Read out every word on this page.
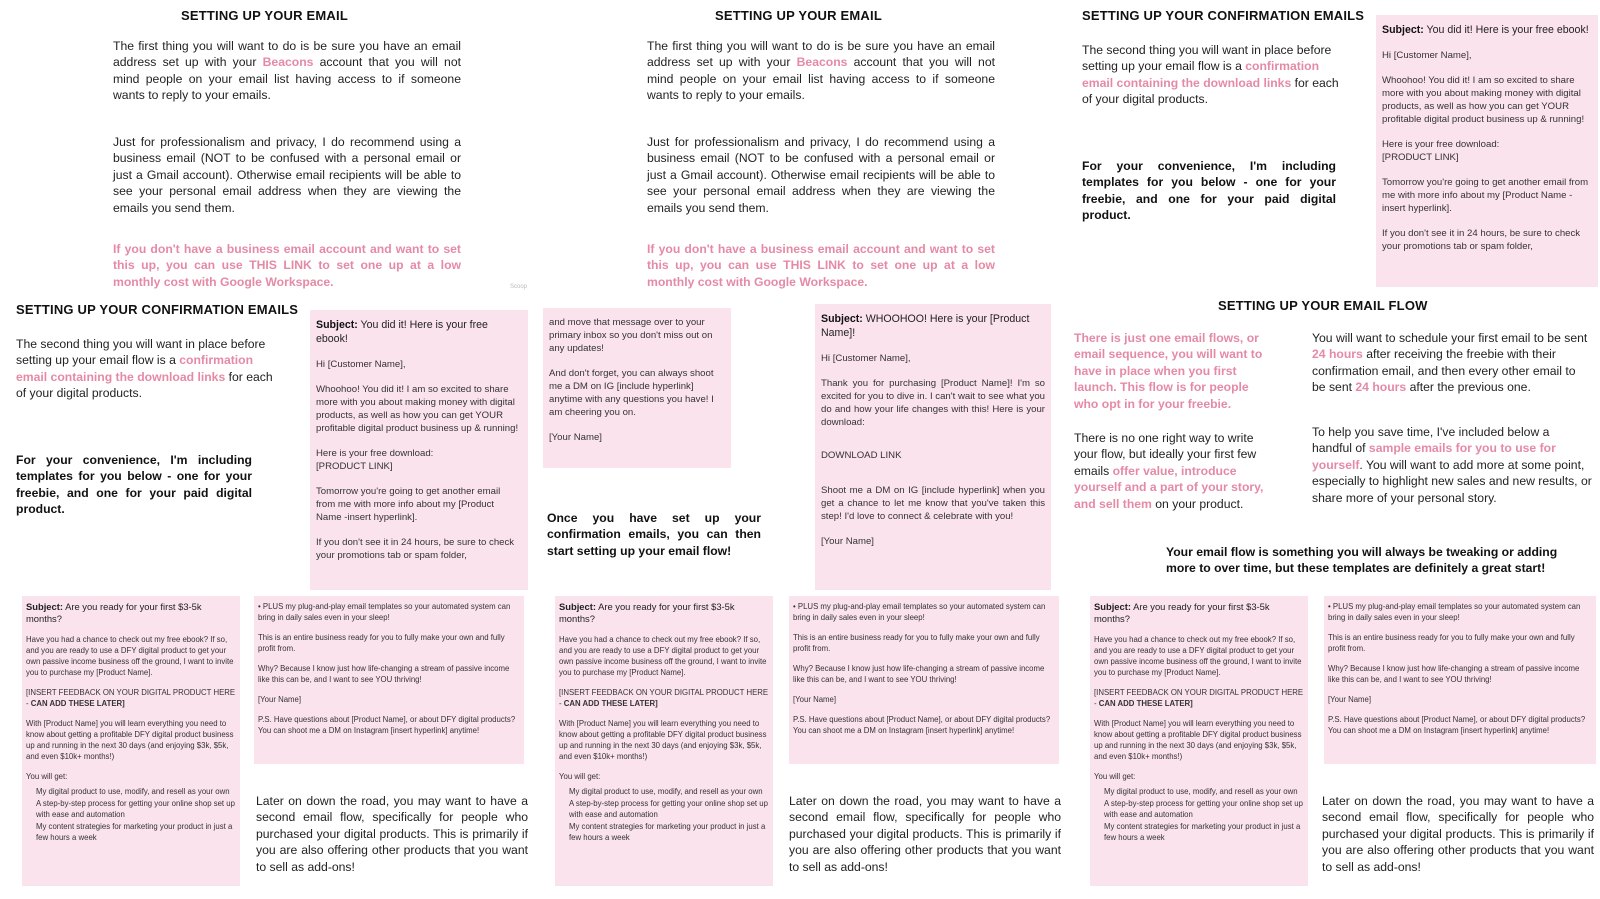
SETTING UP YOUR EMAIL
The first thing you will want to do is be sure you have an email address set up with your Beacons account that you will not mind people on your email list having access to if someone wants to reply to your emails.
Just for professionalism and privacy, I do recommend using a business email (NOT to be confused with a personal email or just a Gmail account). Otherwise email recipients will be able to see your personal email address when they are viewing the emails you send them.
If you don't have a business email account and want to set this up, you can use THIS LINK to set one up at a low monthly cost with Google Workspace.	Scoop
SETTING UP YOUR EMAIL
The first thing you will want to do is be sure you have an email address set up with your Beacons account that you will not mind people on your email list having access to if someone wants to reply to your emails.
Just for professionalism and privacy, I do recommend using a business email (NOT to be confused with a personal email or just a Gmail account). Otherwise email recipients will be able to see your personal email address when they are viewing the emails you send them.
If you don't have a business email account and want to set this up, you can use THIS LINK to set one up at a low monthly cost with Google Workspace.
SETTING UP YOUR CONFIRMATION EMAILS
The second thing you will want in place before setting up your email flow is a confirmation email containing the download links for each of your digital products.
For your convenience, I'm including templates for you below - one for your freebie, and one for your paid digital product.

Subject: You did it! Here is your free ebook!

Hi [Customer Name],

Whoohoo! You did it! I am so excited to share more with you about making money with digital products, as well as how you can get YOUR profitable digital product business up & running!

Here is your free download:
[PRODUCT LINK]

Tomorrow you're going to get another email from me with more info about my [Product Name -insert hyperlink].

If you don't see it in 24 hours, be sure to check your promotions tab or spam folder,

SETTING UP YOUR CONFIRMATION EMAILS
The second thing you will want in place before setting up your email flow is a confirmation email containing the download links for each of your digital products.
For your convenience, I'm including templates for you below - one for your freebie, and one for your paid digital product.

Subject: You did it! Here is your free ebook!

Hi [Customer Name],

Whoohoo! You did it! I am so excited to share more with you about making money with digital products, as well as how you can get YOUR profitable digital product business up & running!

Here is your free download:
[PRODUCT LINK]

Tomorrow you're going to get another email from me with more info about my [Product Name -insert hyperlink].

If you don't see it in 24 hours, be sure to check your promotions tab or spam folder,

and move that message over to your primary inbox so you don't miss out on any updates!

And don't forget, you can always shoot me a DM on IG [include hyperlink] anytime with any questions you have! I am cheering you on.

[Your Name]

Once you have set up your confirmation emails, you can then start setting up your email flow!

Subject: WHOOHOO! Here is your [Product Name]!

Hi [Customer Name],

Thank you for purchasing [Product Name]! I'm so excited for you to dive in. I can't wait to see what you do and how your life changes with this! Here is your download:

DOWNLOAD LINK

Shoot me a DM on IG [include hyperlink] when you get a chance to let me know that you've taken this step! I'd love to connect & celebrate with you!

[Your Name]

SETTING UP YOUR EMAIL FLOW
There is just one email flows, or email sequence, you will want to have in place when you first launch. This flow is for people who opt in for your freebie.
There is no one right way to write your flow, but ideally your first few emails offer value, introduce yourself and a part of your story, and sell them on your product.
You will want to schedule your first email to be sent 24 hours after receiving the freebie with their confirmation email, and then every other email to be sent 24 hours after the previous one.
To help you save time, I've included below a handful of sample emails for you to use for yourself. You will want to add more at some point, especially to highlight new sales and new results, or share more of your personal story.
Your email flow is something you will always be tweaking or adding more to over time, but these templates are definitely a great start!

Subject: Are you ready for your first $3-5k months?

Have you had a chance to check out my free ebook? If so, and you are ready to use a DFY digital product to get your own passive income business off the ground, I want to invite you to purchase my [Product Name].

[INSERT FEEDBACK ON YOUR DIGITAL PRODUCT HERE - CAN ADD THESE LATER]

With [Product Name] you will learn everything you need to know about getting a profitable DFY digital product business up and running in the next 30 days (and enjoying $3k, $5k, and even $10k+ months!)

You will get:

My digital product to use, modify, and resell as your own
A step-by-step process for getting your online shop set up with ease and automation
My content strategies for marketing your product in just a few hours a week

• PLUS my plug-and-play email templates so your automated system can bring in daily sales even in your sleep!

This is an entire business ready for you to fully make your own and fully profit from.

Why? Because I know just how life-changing a stream of passive income like this can be, and I want to see YOU thriving!

[Your Name]

P.S. Have questions about [Product Name], or about DFY digital products? You can shoot me a DM on Instagram [insert hyperlink] anytime!

Later on down the road, you may want to have a second email flow, specifically for people who purchased your digital products. This is primarily if you are also offering other products that you want to sell as add-ons!

Subject: Are you ready for your first $3-5k months?

Have you had a chance to check out my free ebook? If so, and you are ready to use a DFY digital product to get your own passive income business off the ground, I want to invite you to purchase my [Product Name].

[INSERT FEEDBACK ON YOUR DIGITAL PRODUCT HERE - CAN ADD THESE LATER]

With [Product Name] you will learn everything you need to know about getting a profitable DFY digital product business up and running in the next 30 days (and enjoying $3k, $5k, and even $10k+ months!)

You will get:

My digital product to use, modify, and resell as your own
A step-by-step process for getting your online shop set up with ease and automation
My content strategies for marketing your product in just a few hours a week

• PLUS my plug-and-play email templates so your automated system can bring in daily sales even in your sleep!

This is an entire business ready for you to fully make your own and fully profit from.

Why? Because I know just how life-changing a stream of passive income like this can be, and I want to see YOU thriving!

[Your Name]

P.S. Have questions about [Product Name], or about DFY digital products? You can shoot me a DM on Instagram [insert hyperlink] anytime!

Later on down the road, you may want to have a second email flow, specifically for people who purchased your digital products. This is primarily if you are also offering other products that you want to sell as add-ons!

Subject: Are you ready for your first $3-5k months?

Have you had a chance to check out my free ebook? If so, and you are ready to use a DFY digital product to get your own passive income business off the ground, I want to invite you to purchase my [Product Name].

[INSERT FEEDBACK ON YOUR DIGITAL PRODUCT HERE - CAN ADD THESE LATER]

With [Product Name] you will learn everything you need to know about getting a profitable DFY digital product business up and running in the next 30 days (and enjoying $3k, $5k, and even $10k+ months!)

You will get:

My digital product to use, modify, and resell as your own
A step-by-step process for getting your online shop set up with ease and automation
My content strategies for marketing your product in just a few hours a week

• PLUS my plug-and-play email templates so your automated system can bring in daily sales even in your sleep!

This is an entire business ready for you to fully make your own and fully profit from.

Why? Because I know just how life-changing a stream of passive income like this can be, and I want to see YOU thriving!

[Your Name]

P.S. Have questions about [Product Name], or about DFY digital products? You can shoot me a DM on Instagram [insert hyperlink] anytime!

Later on down the road, you may want to have a second email flow, specifically for people who purchased your digital products. This is primarily if you are also offering other products that you want to sell as add-ons!
